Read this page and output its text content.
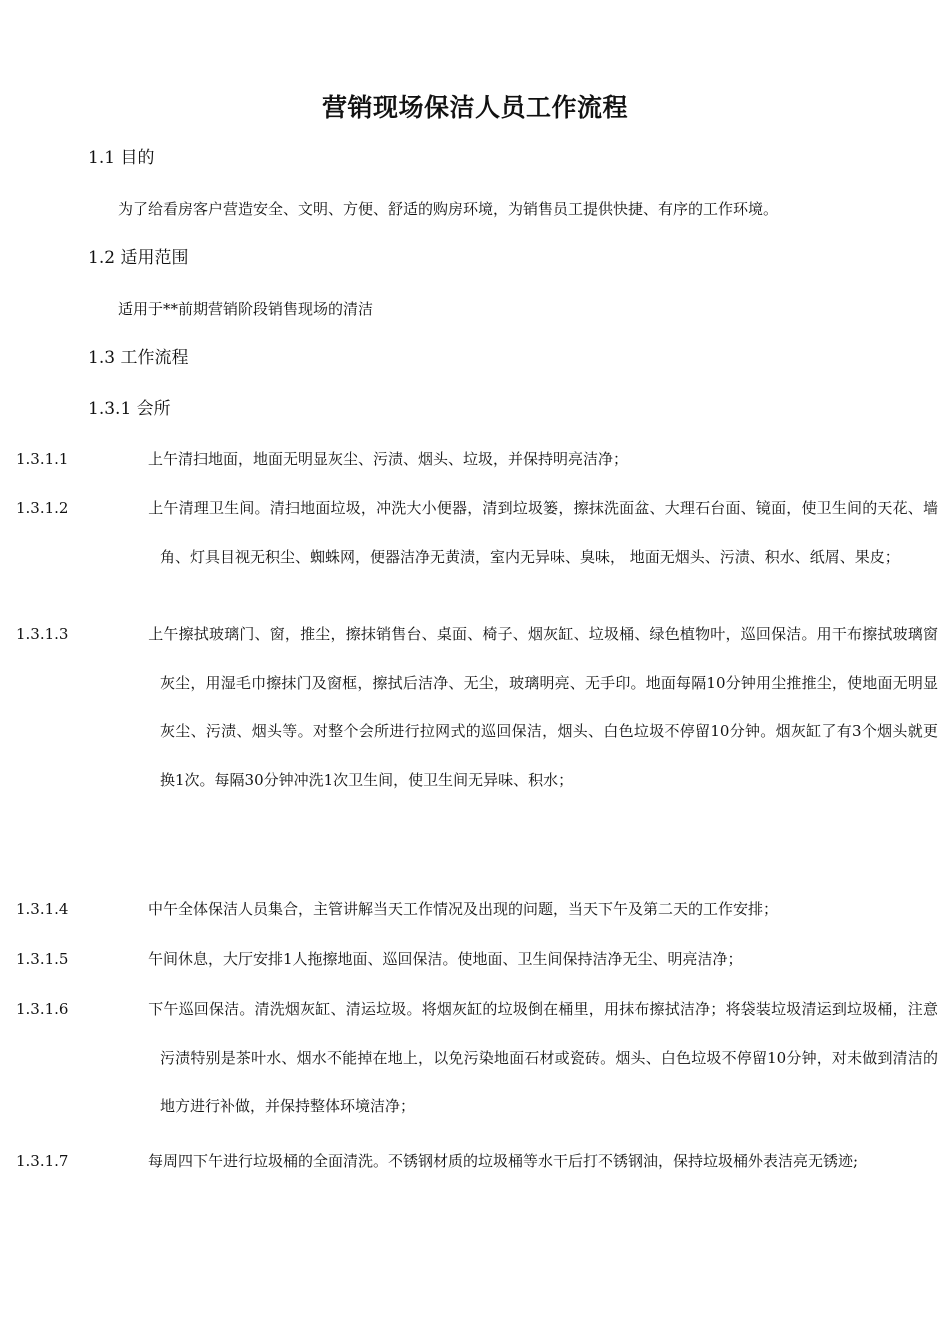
营销现场保洁人员工作流程
1.1 目的
为了给看房客户营造安全、文明、方便、舒适的购房环境，为销售员工提供快捷、有序的工作环境。
1.2 适用范围
适用于**前期营销阶段销售现场的清洁
1.3 工作流程
1.3.1 会所
1.3.1.1	上午清扫地面，地面无明显灰尘、污渍、烟头、垃圾，并保持明亮洁净；
1.3.1.2	上午清理卫生间。清扫地面垃圾，冲洗大小便器，清到垃圾篓，擦抹洗面盆、大理石台面、镜面，使卫生间的天花、墙角、灯具目视无积尘、蜘蛛网，便器洁净无黄渍，室内无异味、臭味， 地面无烟头、污渍、积水、纸屑、果皮；
1.3.1.3	上午擦拭玻璃门、窗，推尘，擦抹销售台、桌面、椅子、烟灰缸、垃圾桶、绿色植物叶，巡回保洁。用干布擦拭玻璃窗灰尘，用湿毛巾擦抹门及窗框，擦拭后洁净、无尘，玻璃明亮、无手印。地面每隔10分钟用尘推推尘，使地面无明显灰尘、污渍、烟头等。对整个会所进行拉网式的巡回保洁，烟头、白色垃圾不停留10分钟。烟灰缸了有3个烟头就更换1次。每隔30分钟冲洗1次卫生间，使卫生间无异味、积水；
1.3.1.4	中午全体保洁人员集合，主管讲解当天工作情况及出现的问题，当天下午及第二天的工作安排；
1.3.1.5	午间休息，大厅安排1人拖擦地面、巡回保洁。使地面、卫生间保持洁净无尘、明亮洁净；
1.3.1.6	下午巡回保洁。清洗烟灰缸、清运垃圾。将烟灰缸的垃圾倒在桶里，用抹布擦拭洁净；将袋装垃圾清运到垃圾桶，注意污渍特别是茶叶水、烟水不能掉在地上，以免污染地面石材或瓷砖。烟头、白色垃圾不停留10分钟，对未做到清洁的地方进行补做，并保持整体环境洁净；
1.3.1.7	每周四下午进行垃圾桶的全面清洗。不锈钢材质的垃圾桶等水干后打不锈钢油，保持垃圾桶外表洁亮无锈迹;
